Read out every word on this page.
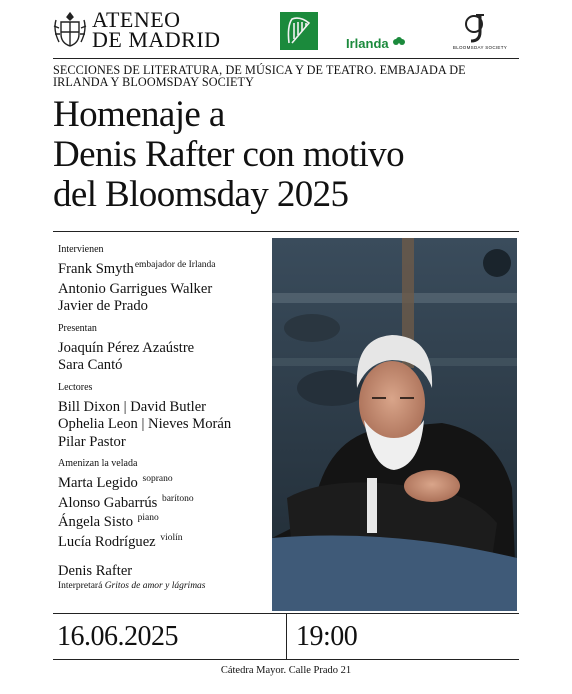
ATENEO
DE MADRID	Irlanda	BLOOMSDAY SOCIETY
SECCIONES DE LITERATURA, DE MÚSICA Y DE TEATRO. EMBAJADA DE IRLANDA Y BLOOMSDAY SOCIETY
Homenaje a
Denis Rafter con motivo
del Bloomsday 2025
Intervienen
Frank Smyth$^{embajador de Irlanda}$
Antonio Garrigues Walker
Javier de Prado
Presentan
Joaquín Pérez Azaústre
Sara Cantó
Lectores
Bill Dixon | David Butler
Ophelia Leon | Nieves Morán
Pilar Pastor
Amenizan la velada
Marta Legido $^{soprano}$
Alonso Gabarrús $^{barítono}$
Ángela Sisto $^{piano}$
Lucía Rodríguez $^{violín}$
Denis Rafter
Interpretará Gritos de amor y lágrimas
16.06.2025	19:00
Cátedra Mayor. Calle Prado 21
